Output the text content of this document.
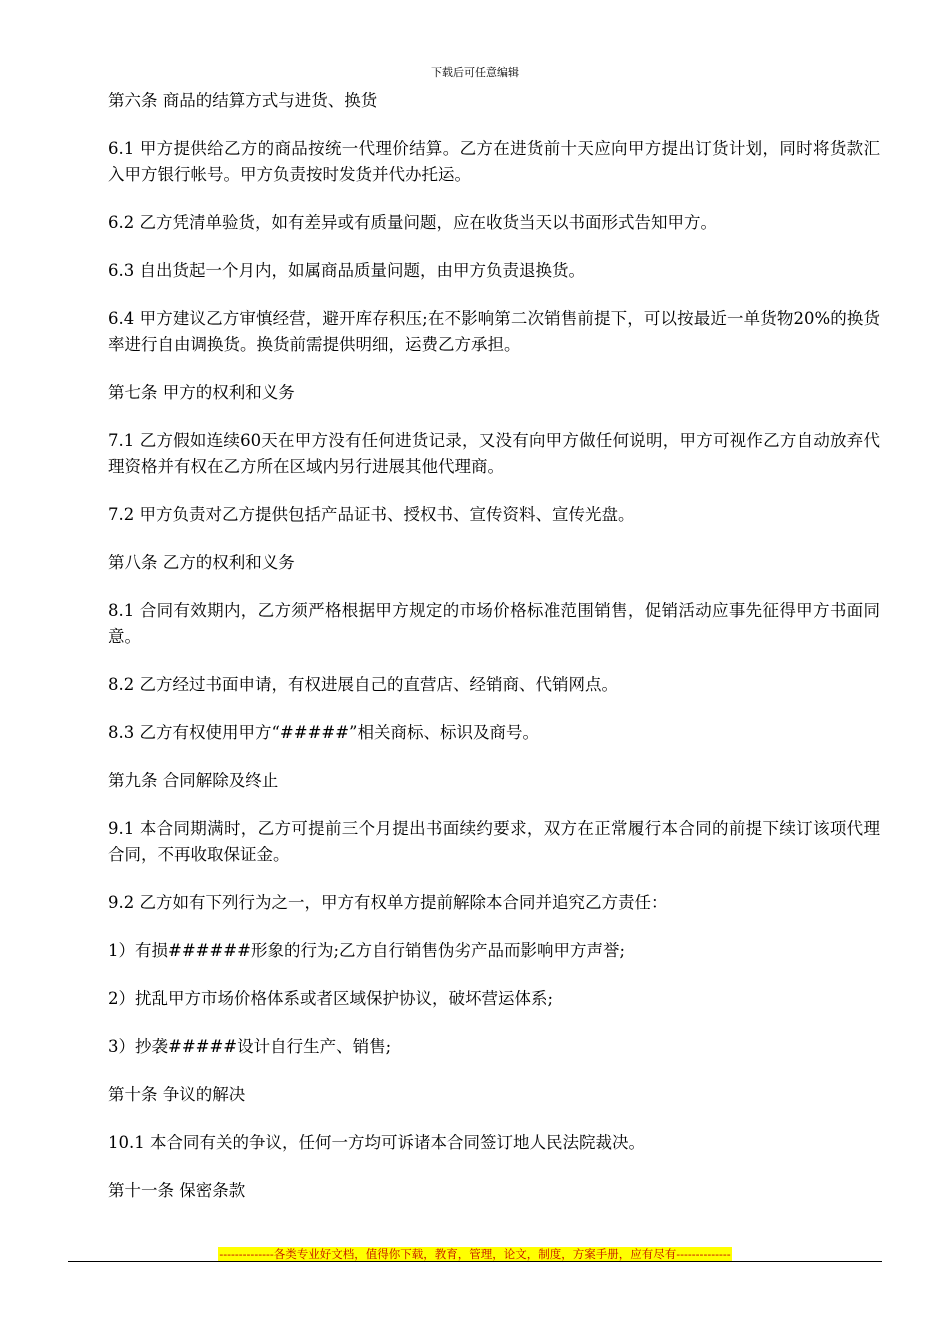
下载后可任意编辑

第六条 商品的结算方式与进货、换货

6.1 甲方提供给乙方的商品按统一代理价结算。乙方在进货前十天应向甲方提出订货计划，同时将货款汇入甲方银行帐号。甲方负责按时发货并代办托运。

6.2 乙方凭清单验货，如有差异或有质量问题，应在收货当天以书面形式告知甲方。

6.3 自出货起一个月内，如属商品质量问题，由甲方负责退换货。

6.4 甲方建议乙方审慎经营，避开库存积压;在不影响第二次销售前提下，可以按最近一单货物20%的换货率进行自由调换货。换货前需提供明细，运费乙方承担。

第七条 甲方的权利和义务

7.1 乙方假如连续60天在甲方没有任何进货记录，又没有向甲方做任何说明，甲方可视作乙方自动放弃代理资格并有权在乙方所在区域内另行进展其他代理商。

7.2 甲方负责对乙方提供包括产品证书、授权书、宣传资料、宣传光盘。

第八条 乙方的权利和义务

8.1 合同有效期内，乙方须严格根据甲方规定的市场价格标准范围销售，促销活动应事先征得甲方书面同意。

8.2 乙方经过书面申请，有权进展自己的直营店、经销商、代销网点。

8.3 乙方有权使用甲方“#####”相关商标、标识及商号。

第九条 合同解除及终止

9.1 本合同期满时，乙方可提前三个月提出书面续约要求，双方在正常履行本合同的前提下续订该项代理合同，不再收取保证金。

9.2 乙方如有下列行为之一，甲方有权单方提前解除本合同并追究乙方责任：

1）有损######形象的行为;乙方自行销售伪劣产品而影响甲方声誉;

2）扰乱甲方市场价格体系或者区域保护协议，破坏营运体系;

3）抄袭#####设计自行生产、销售;

第十条 争议的解决

10.1 本合同有关的争议，任何一方均可诉诸本合同签订地人民法院裁决。

第十一条 保密条款

--------------各类专业好文档，值得你下载，教育，管理，论文，制度，方案手册，应有尽有--------------
